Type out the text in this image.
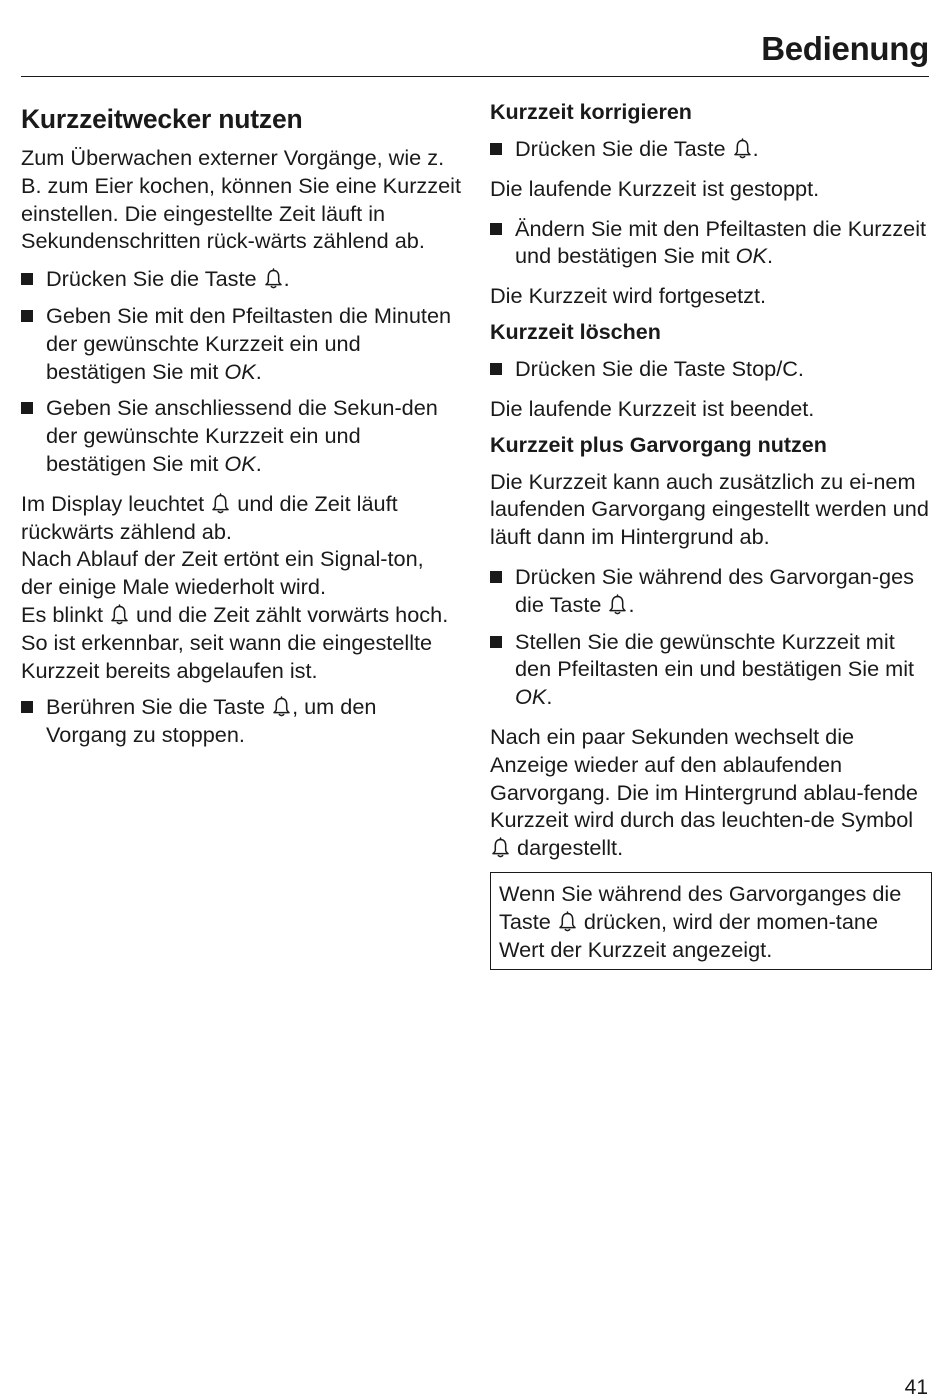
Bedienung
Kurzzeitwecker nutzen

Zum Überwachen externer Vorgänge, wie z. B. zum Eier kochen, können Sie eine Kurzzeit einstellen. Die eingestellte Zeit läuft in Sekundenschritten rück-wärts zählend ab.

Drücken Sie die Taste
.
Geben Sie mit den Pfeiltasten die Minuten der gewünschte Kurzzeit ein und bestätigen Sie mit OK.
Geben Sie anschliessend die Sekun-den der gewünschte Kurzzeit ein und bestätigen Sie mit OK.

Im Display leuchtet
und die Zeit läuft rückwärts zählend ab.
Nach Ablauf der Zeit ertönt ein Signal-ton, der einige Male wiederholt wird.
Es blinkt
und die Zeit zählt vorwärts hoch. So ist erkennbar, seit wann die eingestellte Kurzzeit bereits abgelaufen ist.

Berühren Sie die Taste
, um den Vorgang zu stoppen.
Kurzzeit korrigieren
Drücken Sie die Taste
.

Die laufende Kurzzeit ist gestoppt.

Ändern Sie mit den Pfeiltasten die Kurzzeit und bestätigen Sie mit OK.

Die Kurzzeit wird fortgesetzt.

Kurzzeit löschen
Drücken Sie die Taste Stop/C.

Die laufende Kurzzeit ist beendet.

Kurzzeit plus Garvorgang nutzen

Die Kurzzeit kann auch zusätzlich zu ei-nem laufenden Garvorgang eingestellt werden und läuft dann im Hintergrund ab.

Drücken Sie während des Garvorgan-ges die Taste
.
Stellen Sie die gewünschte Kurzzeit mit den Pfeiltasten ein und bestätigen Sie mit OK.

Nach ein paar Sekunden wechselt die Anzeige wieder auf den ablaufenden Garvorgang. Die im Hintergrund ablau-fende Kurzzeit wird durch das leuchten-de Symbol
dargestellt.

Wenn Sie während des Garvorganges die Taste
drücken, wird der momen-tane Wert der Kurzzeit angezeigt.

41
